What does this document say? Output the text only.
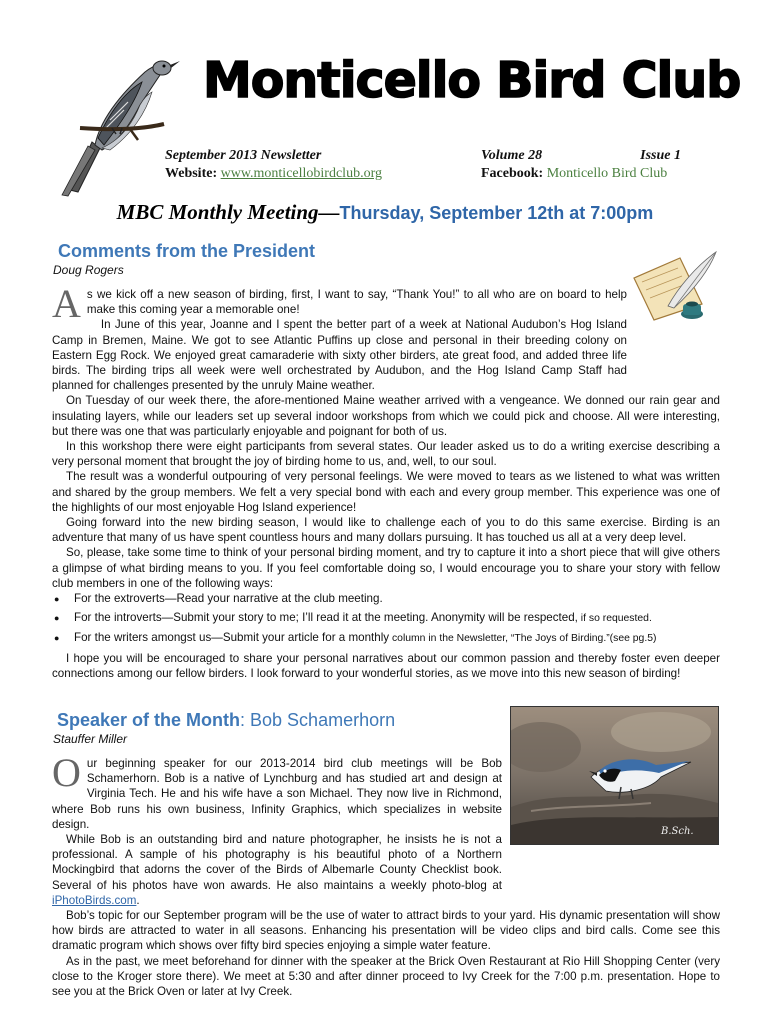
Monticello Bird Club
September 2013 Newsletter
Website: www.monticellobirdclub.org
Volume 28	Issue 1
Facebook: Monticello Bird Club
MBC Monthly Meeting—Thursday, September 12th at 7:00pm
Comments from the President
Doug Rogers
A s we kick off a new season of birding, first, I want to say, “Thank You!” to all who are on board to help make this coming year a memorable one!

In June of this year, Joanne and I spent the better part of a week at National Audubon’s Hog Island Camp in Bremen, Maine. We got to see Atlantic Puffins up close and personal in their breeding colony on Eastern Egg Rock. We enjoyed great camaraderie with sixty other birders, ate great food, and added three life birds. The birding trips all week were well orchestrated by Audubon, and the Hog Island Camp Staff had planned for challenges presented by the unruly Maine weather.

On Tuesday of our week there, the afore-mentioned Maine weather arrived with a vengeance. We donned our rain gear and insulating layers, while our leaders set up several indoor workshops from which we could pick and choose. All were interesting, but there was one that was particularly enjoyable and poignant for both of us.

In this workshop there were eight participants from several states. Our leader asked us to do a writing exercise describing a very personal moment that brought the joy of birding home to us, and, well, to our soul.

The result was a wonderful outpouring of very personal feelings. We were moved to tears as we listened to what was written and shared by the group members. We felt a very special bond with each and every group member. This experience was one of the highlights of our most enjoyable Hog Island experience!

Going forward into the new birding season, I would like to challenge each of you to do this same exercise. Birding is an adventure that many of us have spent countless hours and many dollars pursuing. It has touched us all at a very deep level.

So, please, take some time to think of your personal birding moment, and try to capture it into a short piece that will give others a glimpse of what birding means to you. If you feel comfortable doing so, I would encourage you to share your story with fellow club members in one of the following ways:

● For the extroverts—Read your narrative at the club meeting.
● For the introverts—Submit your story to me; I’ll read it at the meeting. Anonymity will be respected, if so requested.
● For the writers amongst us—Submit your article for a monthly column in the Newsletter, “The Joys of Birding.”(see pg.5)

I hope you will be encouraged to share your personal narratives about our common passion and thereby foster even deeper connections among our fellow birders. I look forward to your wonderful stories, as we move into this new season of birding!

Speaker of the Month: Bob Schamerhorn
Stauffer Miller
B.Sch.
O ur beginning speaker for our 2013-2014 bird club meetings will be Bob Schamerhorn. Bob is a native of Lynchburg and has studied art and design at Virginia Tech. He and his wife have a son Michael. They now live in Richmond, where Bob runs his own business, Infinity Graphics, which specializes in website design.

While Bob is an outstanding bird and nature photographer, he insists he is not a professional. A sample of his photography is his beautiful photo of a Northern Mockingbird that adorns the cover of the Birds of Albemarle County Checklist book. Several of his photos have won awards. He also maintains a weekly photo-blog at iPhotoBirds.com.

Bob’s topic for our September program will be the use of water to attract birds to your yard. His dynamic presentation will show how birds are attracted to water in all seasons. Enhancing his presentation will be video clips and bird calls. Come see this dramatic program which shows over fifty bird species enjoying a simple water feature.

As in the past, we meet beforehand for dinner with the speaker at the Brick Oven Restaurant at Rio Hill Shopping Center (very close to the Kroger store there). We meet at 5:30 and after dinner proceed to Ivy Creek for the 7:00 p.m. presentation. Hope to see you at the Brick Oven or later at Ivy Creek.
